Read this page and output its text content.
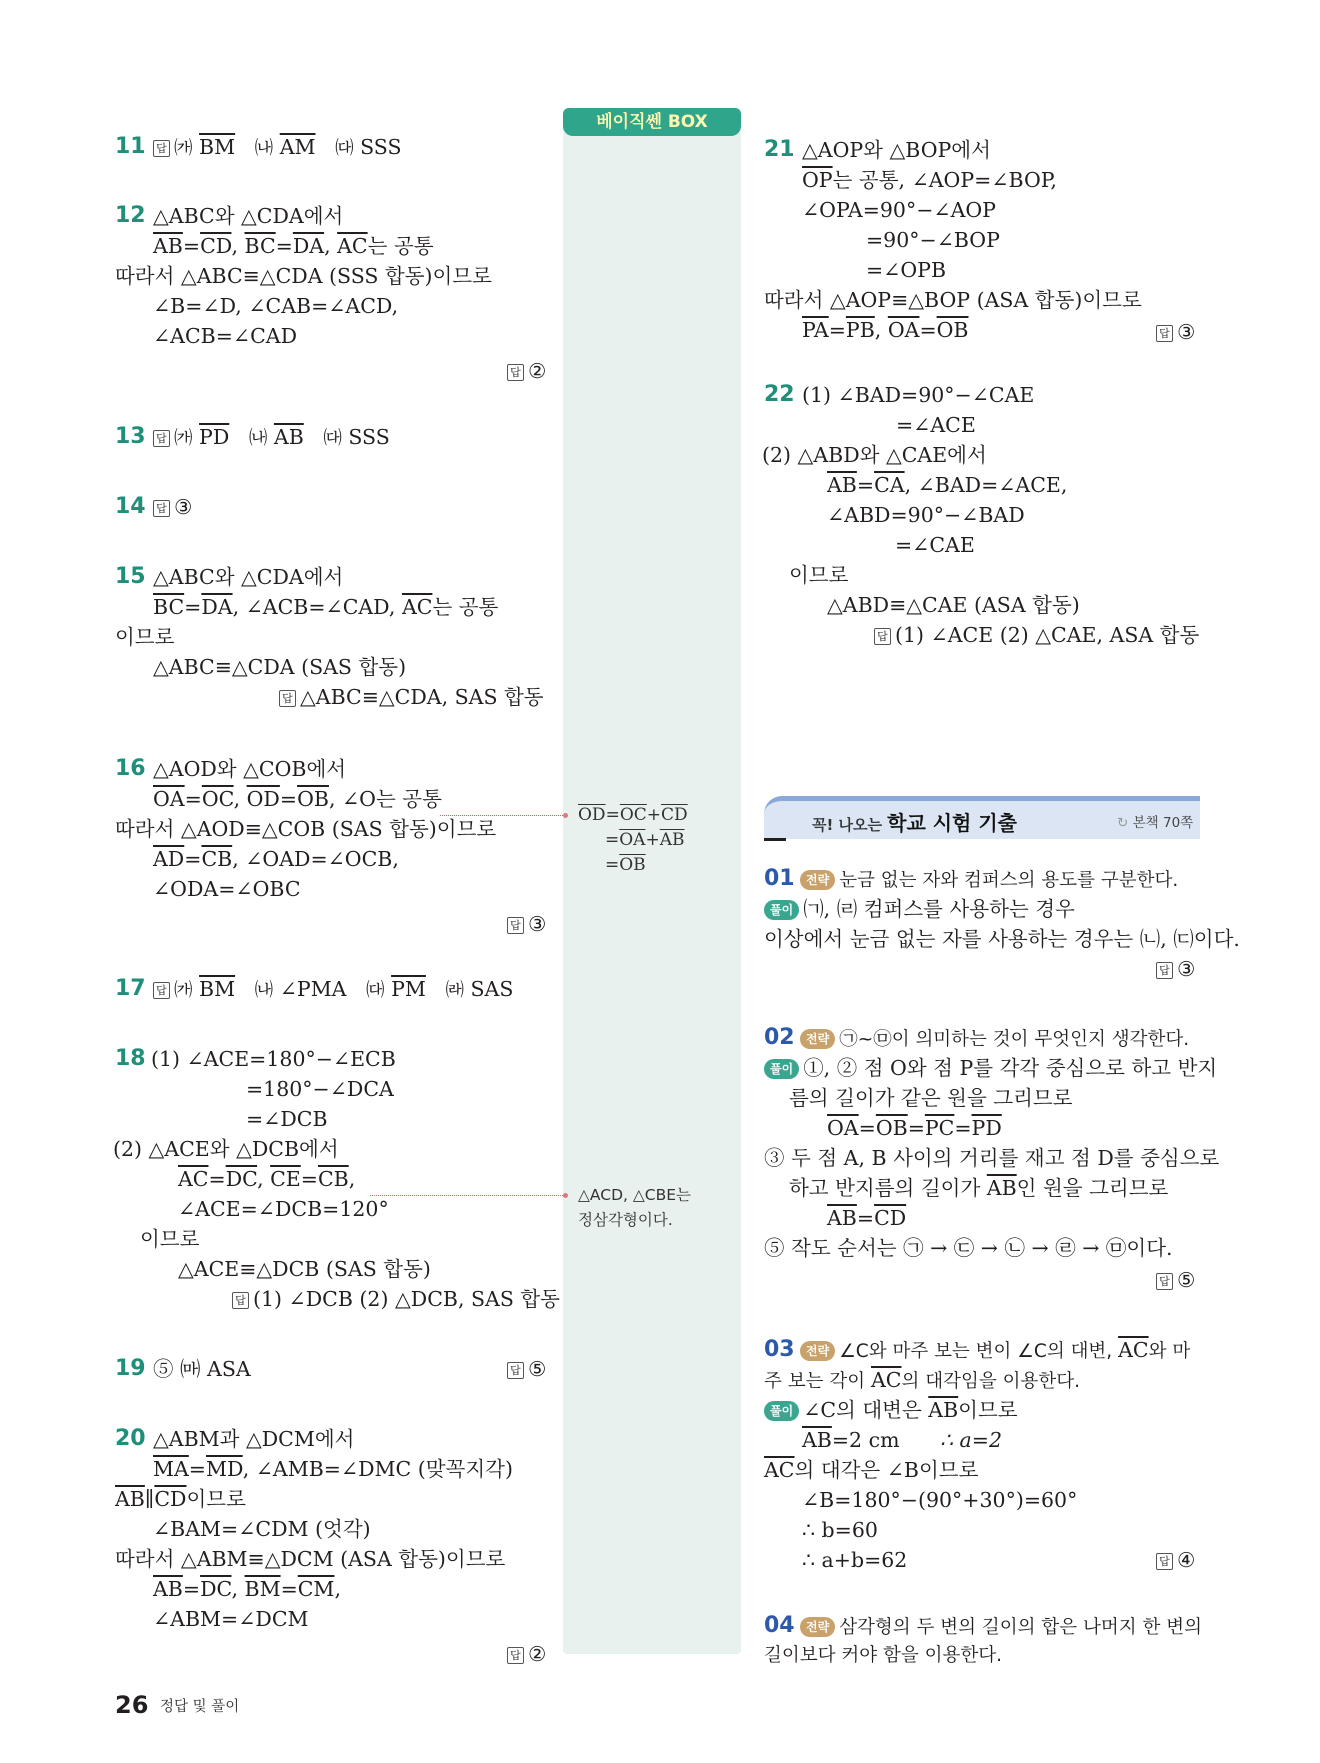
베이직쎈 BOX
11 답 ㈎ $\overline{BM}$ ㈏ $\overline{AM}$ ㈐ SSS
12 △ABC와 △CDA에서
$\overline{AB}=\overline{CD}$, $\overline{BC}=\overline{DA}$, $\overline{AC}$는 공통
따라서 △ABC≡△CDA (SSS 합동)이므로
∠B=∠D, ∠CAB=∠ACD,
∠ACB=∠CAD
답 ②
13 답 ㈎ $\overline{PD}$ ㈏ $\overline{AB}$ ㈐ SSS
14 답 ③
15 △ABC와 △CDA에서
$\overline{BC}=\overline{DA}$, ∠ACB=∠CAD, $\overline{AC}$는 공통
이므로
△ABC≡△CDA (SAS 합동)
답 △ABC≡△CDA, SAS 합동
16 △AOD와 △COB에서
$\overline{OA}=\overline{OC}$, $\overline{OD}=\overline{OB}$, ∠O는 공통
따라서 △AOD≡△COB (SAS 합동)이므로
$\overline{AD}=\overline{CB}$, ∠OAD=∠OCB,
∠ODA=∠OBC
답 ③
17 답 ㈎ $\overline{BM}$ ㈏ ∠PMA ㈐ $\overline{PM}$ ㈑ SAS
18 (1) ∠ACE=180°−∠ECB
=180°−∠DCA
=∠DCB
(2) △ACE와 △DCB에서
$\overline{AC}=\overline{DC}$, $\overline{CE}=\overline{CB}$,
∠ACE=∠DCB=120°
이므로
△ACE≡△DCB (SAS 합동)
답 (1) ∠DCB (2) △DCB, SAS 합동
19 ⑤ ㈒ ASA	답 ⑤
20 △ABM과 △DCM에서
$\overline{MA}=\overline{MD}$, ∠AMB=∠DMC (맞꼭지각)
$\overline{AB}\parallel\overline{CD}$이므로
∠BAM=∠CDM (엇각)
따라서 △ABM≡△DCM (ASA 합동)이므로
$\overline{AB}=\overline{DC}$, $\overline{BM}=\overline{CM}$,
∠ABM=∠DCM
답 ②
$\overline{OD}=\overline{OC}+\overline{CD}$
$=\overline{OA}+\overline{AB}$
$=\overline{OB}$
△ACD, △CBE는
정삼각형이다.
21 △AOP와 △BOP에서
$\overline{OP}$는 공통, ∠AOP=∠BOP,
∠OPA=90°−∠AOP
=90°−∠BOP
=∠OPB
따라서 △AOP≡△BOP (ASA 합동)이므로
$\overline{PA}=\overline{PB}$, $\overline{OA}=\overline{OB}$	답 ③
22 (1) ∠BAD=90°−∠CAE
=∠ACE
(2) △ABD와 △CAE에서
$\overline{AB}=\overline{CA}$, ∠BAD=∠ACE,
∠ABD=90°−∠BAD
=∠CAE
이므로
△ABD≡△CAE (ASA 합동)
답 (1) ∠ACE (2) △CAE, ASA 합동
꼭! 나오는 학교 시험 기출	↻ 본책 70쪽
01 전략 눈금 없는 자와 컴퍼스의 용도를 구분한다.
풀이 ㈀, ㈃ 컴퍼스를 사용하는 경우
이상에서 눈금 없는 자를 사용하는 경우는 ㈁, ㈂이다.
답 ③
02 전략 ㉠~㉤이 의미하는 것이 무엇인지 생각한다.
풀이 ①, ② 점 O와 점 P를 각각 중심으로 하고 반지
름의 길이가 같은 원을 그리므로
$\overline{OA}=\overline{OB}=\overline{PC}=\overline{PD}$
③ 두 점 A, B 사이의 거리를 재고 점 D를 중심으로
하고 반지름의 길이가 $\overline{AB}$인 원을 그리므로
$\overline{AB}=\overline{CD}$
⑤ 작도 순서는 ㉠ → ㉢ → ㉡ → ㉣ → ㉤이다.
답 ⑤
03 전략 ∠C와 마주 보는 변이 ∠C의 대변, $\overline{AC}$와 마
주 보는 각이 $\overline{AC}$의 대각임을 이용한다.
풀이 ∠C의 대변은 $\overline{AB}$이므로
$\overline{AB}=2$ cm ∴ a=2
$\overline{AC}$의 대각은 ∠B이므로
∠B=180°−(90°+30°)=60°
∴ b=60
∴ a+b=62	답 ④
04 전략 삼각형의 두 변의 길이의 합은 나머지 한 변의
길이보다 커야 함을 이용한다.
26 정답 및 풀이
